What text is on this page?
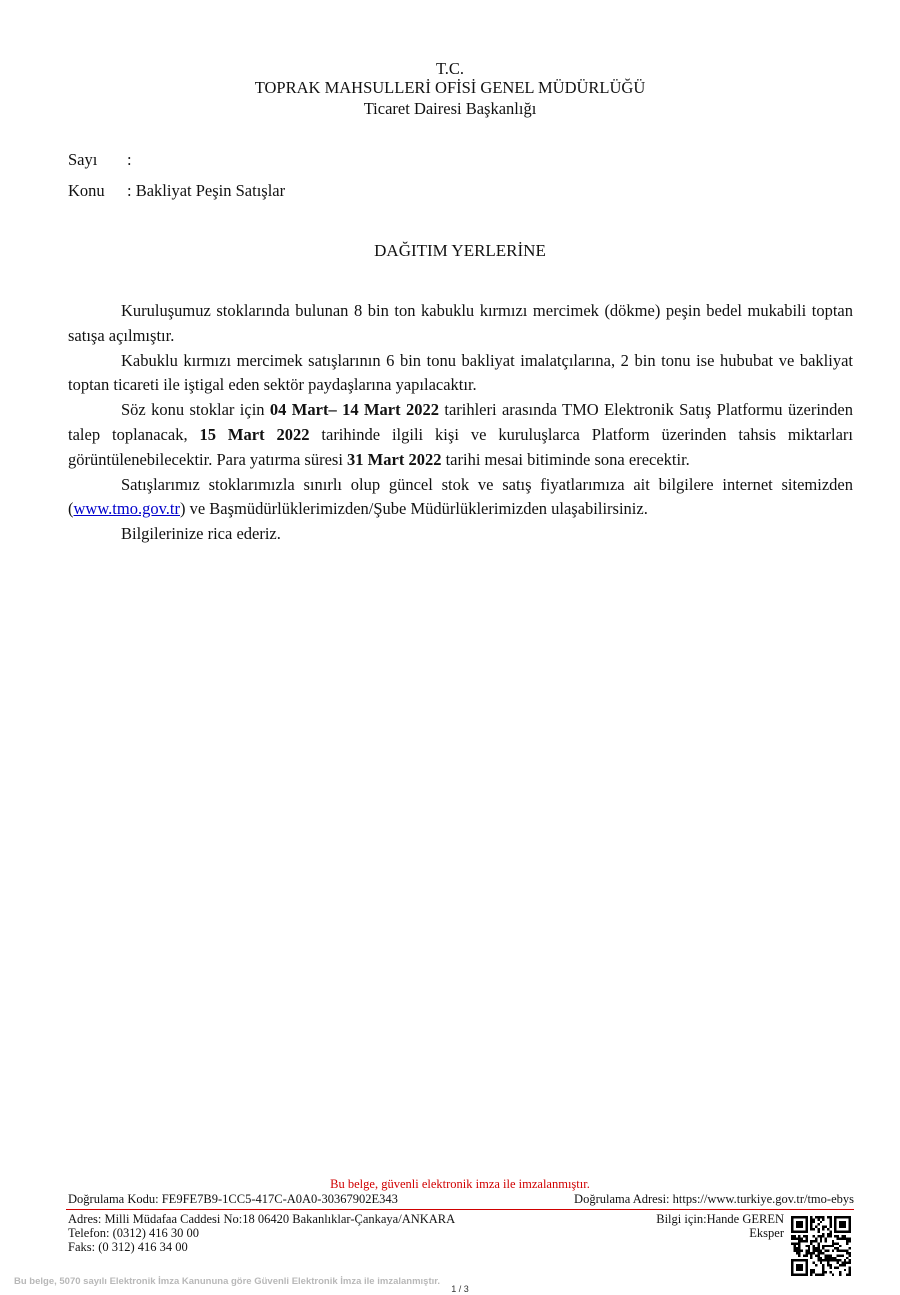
T.C.
TOPRAK MAHSULLERİ OFİSİ GENEL MÜDÜRLÜĞÜ
Ticaret Dairesi Başkanlığı
Sayı :
Konu : Bakliyat Peşin Satışlar
DAĞITIM YERLERİNE

Kuruluşumuz stoklarında bulunan 8 bin ton kabuklu kırmızı mercimek (dökme) peşin bedel mukabili toptan satışa açılmıştır.

Kabuklu kırmızı mercimek satışlarının 6 bin tonu bakliyat imalatçılarına, 2 bin tonu ise hububat ve bakliyat toptan ticareti ile iştigal eden sektör paydaşlarına yapılacaktır.

Söz konu stoklar için 04 Mart– 14 Mart 2022 tarihleri arasında TMO Elektronik Satış Platformu üzerinden talep toplanacak, 15 Mart 2022 tarihinde ilgili kişi ve kuruluşlarca Platform üzerinden tahsis miktarları görüntülenebilecektir. Para yatırma süresi 31 Mart 2022 tarihi mesai bitiminde sona erecektir.

Satışlarımız stoklarımızla sınırlı olup güncel stok ve satış fiyatlarımıza ait bilgilere internet sitemizden (www.tmo.gov.tr) ve Başmüdürlüklerimizden/Şube Müdürlüklerimizden ulaşabilirsiniz.

Bilgilerinize rica ederiz.

Bu belge, güvenli elektronik imza ile imzalanmıştır.
Doğrulama Kodu: FE9FE7B9-1CC5-417C-A0A0-30367902E343	Doğrulama Adresi: https://www.turkiye.gov.tr/tmo-ebys
Adres: Milli Müdafaa Caddesi No:18 06420 Bakanlıklar-Çankaya/ANKARA
Telefon: (0312) 416 30 00
Faks: (0 312) 416 34 00
Bilgi için:Hande GEREN
Eksper
Bu belge, 5070 sayılı Elektronik İmza Kanununa göre Güvenli Elektronik İmza ile imzalanmıştır.
1 / 3
